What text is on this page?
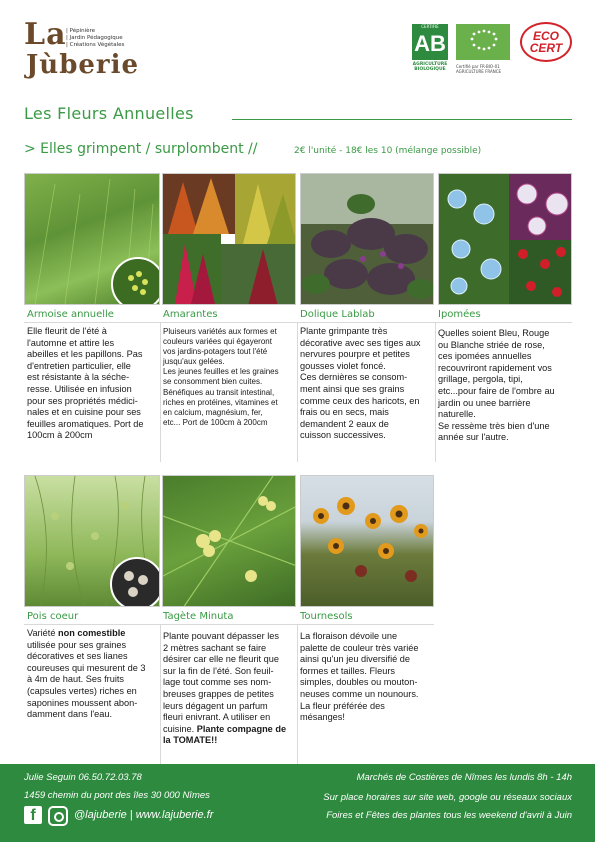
La | Pépinière
| Jardin Pédagogique
| Créations Végétales
Jùberie
AB
CERTIFIÉ
AGRICULTURE BIOLOGIQUE
Certifié par FR-BIO-01 AGRICULTURE FRANCE
ECO CERT
Les Fleurs Annuelles
> Elles grimpent / surplombent //	2€ l'unité - 18€ les 10 (mélange possible)
Armoise annuelle	Amarantes	Dolique Lablab	Ipomées
Elle fleurit de l'été à
l'automne et attire les
abeilles et les papillons. Pas
d'entretien particulier, elle
est résistante à la séche-
resse. Utilisée en infusion
pour ses propriétés médici-
nales et en cuisine pour ses
feuilles aromatiques. Port de
100cm à 200cm
Pluiseurs variétés aux formes et
couleurs variées qui égayeront
vos jardins-potagers tout l'été
jusqu'aux gelées.
Les jeunes feuilles et les graines
se consomment bien cuites.
Bénéfiques au transit intestinal,
riches en protéines, vitamines et
en calcium, magnésium, fer,
etc... Port de 100cm à 200cm
Plante grimpante très
décorative avec ses tiges aux
nervures pourpre et petites
gousses violet foncé.
Ces dernières se consom-
ment ainsi que ses grains
comme ceux des haricots, en
frais ou en secs, mais
demandent 2 eaux de
cuisson successives.
Quelles soient Bleu, Rouge
ou Blanche striée de rose,
ces ipomées annuelles
recouvriront rapidement vos
grillage, pergola, tipi,
etc...pour faire de l'ombre au
jardin ou unee barrière
naturelle.
Se ressème très bien d'une
année sur l'autre.
Pois coeur	Tagète Minuta	Tournesols
Variété non comestible
utilisée pour ses graines
décoratives et ses lianes
coureuses qui mesurent de 3
à 4m de haut. Ses fruits
(capsules vertes) riches en
saponines moussent abon-
damment dans l'eau.
Plante pouvant dépasser les
2 mètres sachant se faire
désirer car elle ne fleurit que
sur la fin de l'été. Son feuil-
lage tout comme ses nom-
breuses grappes de petites
leurs dégagent un parfum
fleuri enivrant. A utiliser en
cuisine. Plante compagne de
la TOMATE!!
La floraison dévoile une
palette de couleur très variée
ainsi qu'un jeu diversifié de
formes et tailles. Fleurs
simples, doubles ou mouton-
neuses comme un nounours.
La fleur préférée des
mésanges!
Julie Seguin 06.50.72.03.78
1459 chemin du pont des îles 30 000 Nîmes
f	@lajuberie | www.lajuberie.fr
Marchés de Costières de Nîmes les lundis 8h - 14h
Sur place horaires sur site web, google ou réseaux sociaux
Foires et Fêtes des plantes tous les weekend d'avril à Juin
